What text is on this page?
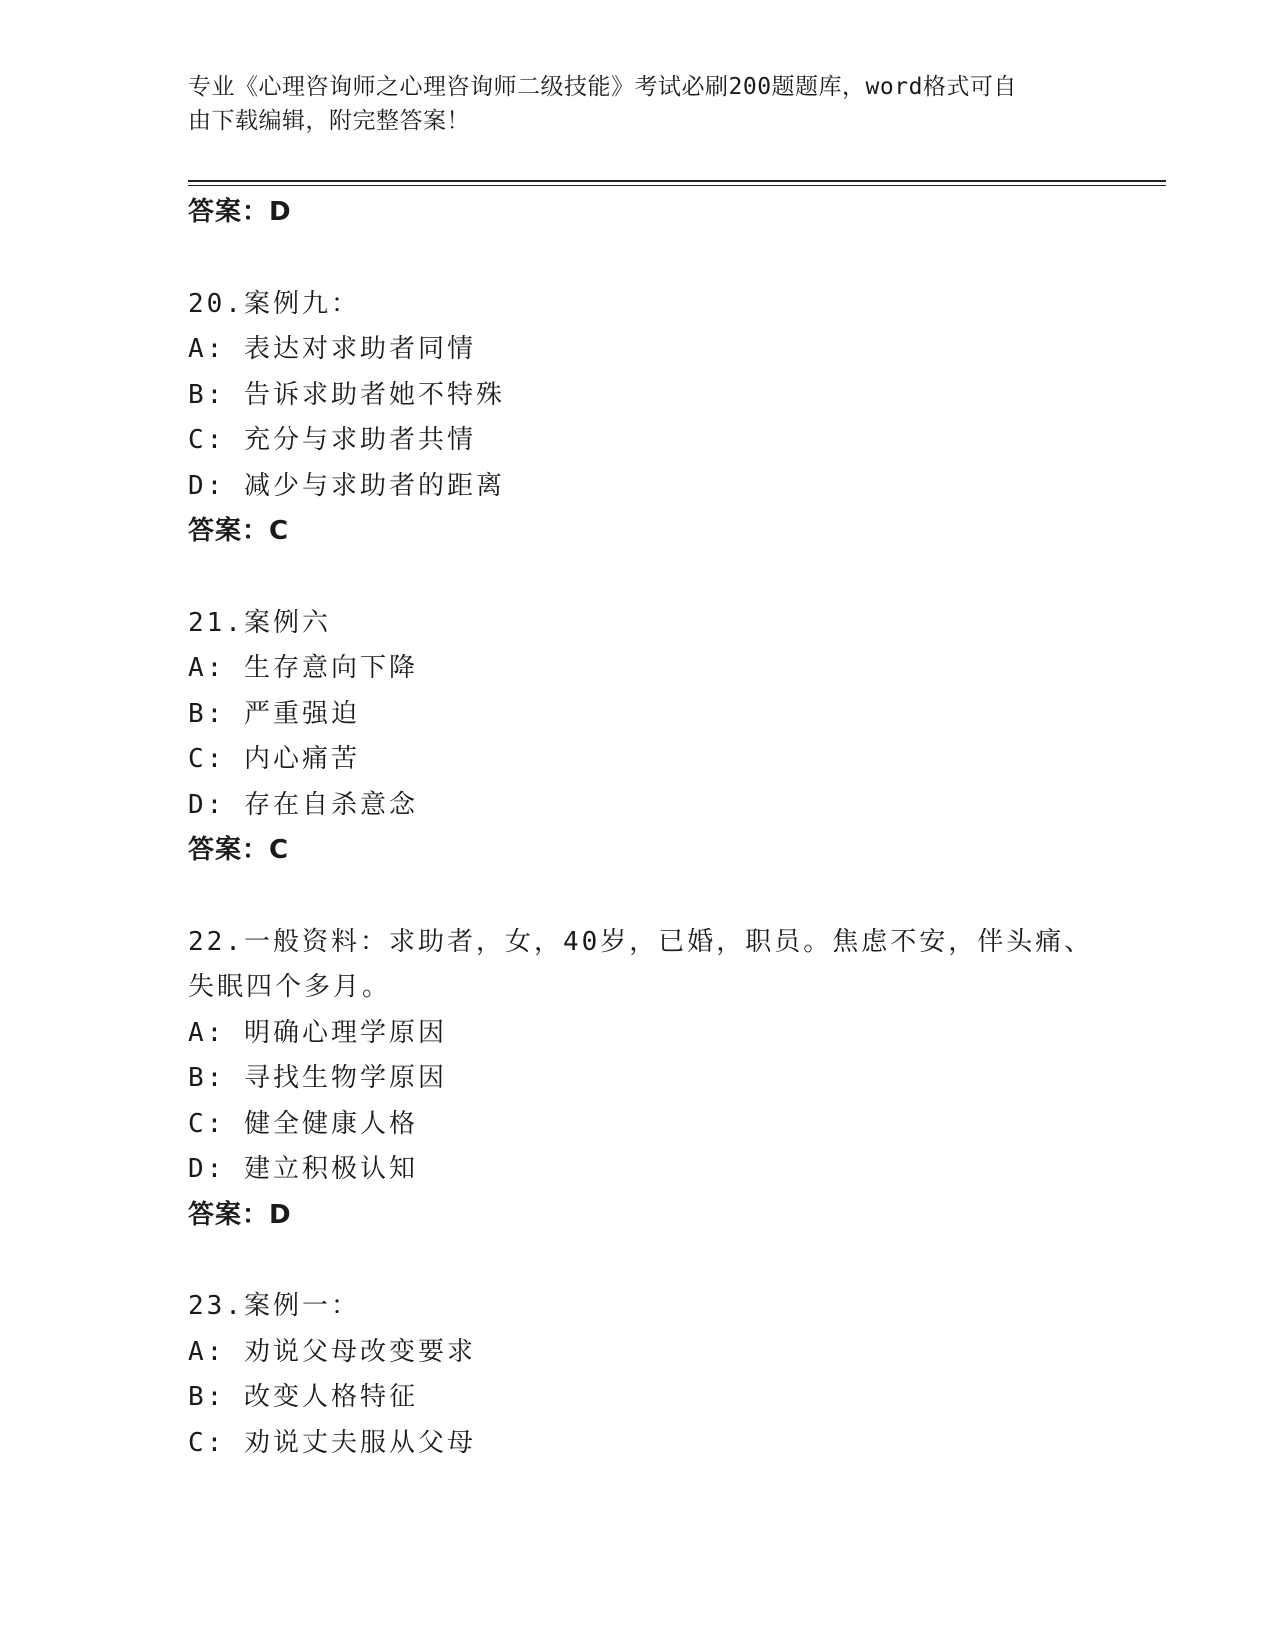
专业《心理咨询师之心理咨询师二级技能》考试必刷200题题库，word格式可自
由下载编辑，附完整答案！
答案：D
20.案例九：
A: 表达对求助者同情
B: 告诉求助者她不特殊
C: 充分与求助者共情
D: 减少与求助者的距离
答案：C
21.案例六
A: 生存意向下降
B: 严重强迫
C: 内心痛苦
D: 存在自杀意念
答案：C
22.一般资料：求助者，女，40岁，已婚，职员。焦虑不安，伴头痛、
失眠四个多月。
A: 明确心理学原因
B: 寻找生物学原因
C: 健全健康人格
D: 建立积极认知
答案：D
23.案例一：
A: 劝说父母改变要求
B: 改变人格特征
C: 劝说丈夫服从父母
